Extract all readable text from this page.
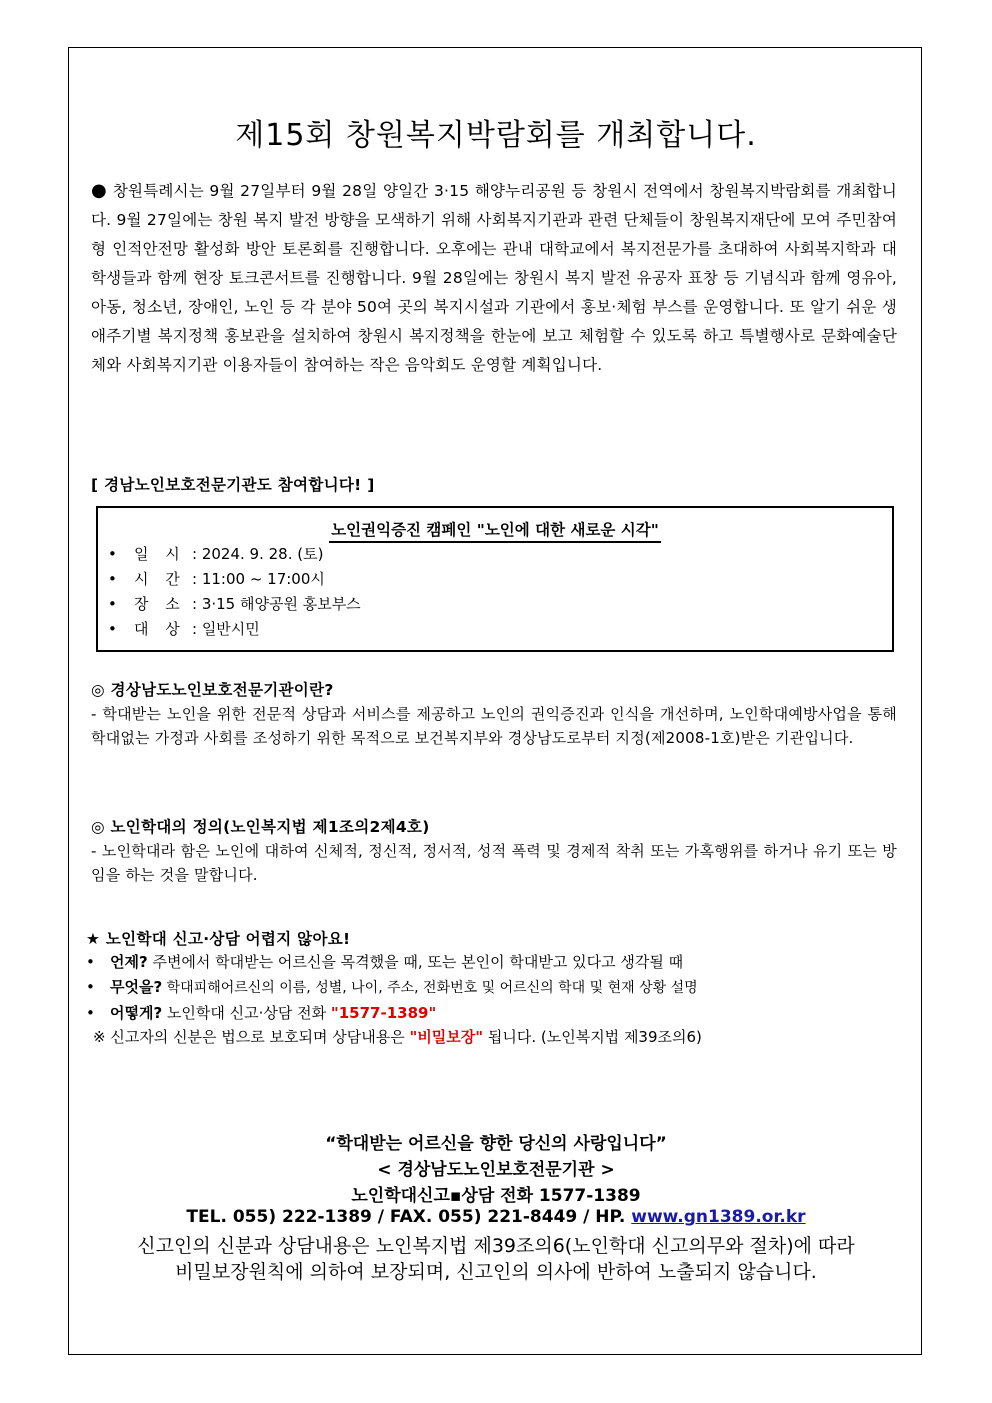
제15회 창원복지박람회를 개최합니다.

● 창원특례시는 9월 27일부터 9월 28일 양일간 3·15 해양누리공원 등 창원시 전역에서 창원복지박람회를 개최합니다. 9월 27일에는 창원 복지 발전 방향을 모색하기 위해 사회복지기관과 관련 단체들이 창원복지재단에 모여 주민참여형 인적안전망 활성화 방안 토론회를 진행합니다. 오후에는 관내 대학교에서 복지전문가를 초대하여 사회복지학과 대학생들과 함께 현장 토크콘서트를 진행합니다. 9월 28일에는 창원시 복지 발전 유공자 표창 등 기념식과 함께 영유아, 아동, 청소년, 장애인, 노인 등 각 분야 50여 곳의 복지시설과 기관에서 홍보·체험 부스를 운영합니다. 또 알기 쉬운 생애주기별 복지정책 홍보관을 설치하여 창원시 복지정책을 한눈에 보고 체험할 수 있도록 하고 특별행사로 문화예술단체와 사회복지기관 이용자들이 참여하는 작은 음악회도 운영할 계획입니다.

[ 경남노인보호전문기관도 참여합니다! ]
노인권익증진 캠페인 "노인에 대한 새로운 시각"
• 일 시 : 2024. 9. 28. (토)
• 시 간 : 11:00 ~ 17:00시
• 장 소 : 3·15 해양공원 홍보부스
• 대 상 : 일반시민
◎ 경상남도노인보호전문기관이란?

- 학대받는 노인을 위한 전문적 상담과 서비스를 제공하고 노인의 권익증진과 인식을 개선하며, 노인학대예방사업을 통해 학대없는 가정과 사회를 조성하기 위한 목적으로 보건복지부와 경상남도로부터 지정(제2008-1호)받은 기관입니다.

◎ 노인학대의 정의(노인복지법 제1조의2제4호)

- 노인학대라 함은 노인에 대하여 신체적, 정신적, 정서적, 성적 폭력 및 경제적 착취 또는 가혹행위를 하거나 유기 또는 방임을 하는 것을 말합니다.

★ 노인학대 신고·상담 어렵지 않아요!
• 언제? 주변에서 학대받는 어르신을 목격했을 때, 또는 본인이 학대받고 있다고 생각될 때
• 무엇을? 학대피해어르신의 이름, 성별, 나이, 주소, 전화번호 및 어르신의 학대 및 현재 상황 설명
• 어떻게? 노인학대 신고·상담 전화 "1577-1389"
※ 신고자의 신분은 법으로 보호되며 상담내용은 "비밀보장" 됩니다. (노인복지법 제39조의6)
“학대받는 어르신을 향한 당신의 사랑입니다”
< 경상남도노인보호전문기관 >
노인학대신고▪상담 전화 1577-1389
TEL. 055) 222-1389 / FAX. 055) 221-8449 / HP. www.gn1389.or.kr
신고인의 신분과 상담내용은 노인복지법 제39조의6(노인학대 신고의무와 절차)에 따라
비밀보장원칙에 의하여 보장되며, 신고인의 의사에 반하여 노출되지 않습니다.
